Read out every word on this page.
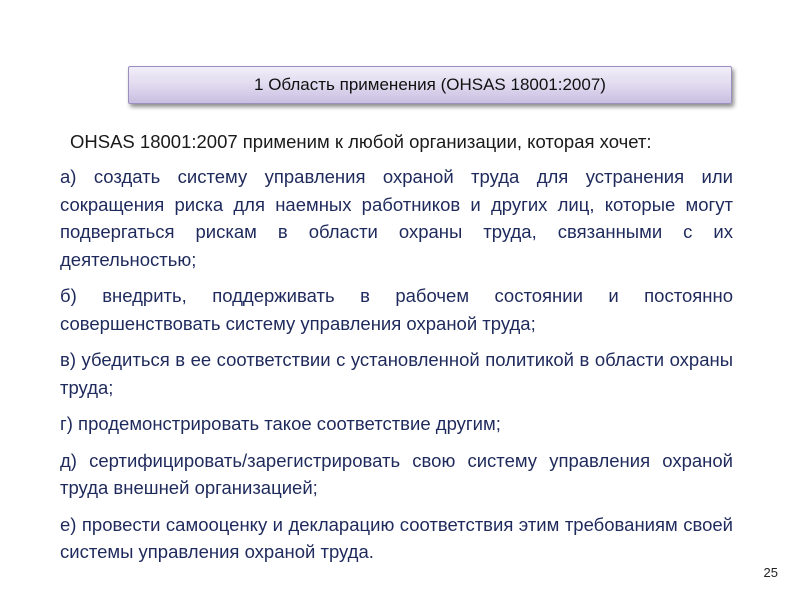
1 Область применения (OHSAS 18001:2007)
OHSAS 18001:2007 применим к любой организации, которая хочет:

а) создать систему управления охраной труда для устранения или сокращения риска для наемных работников и других лиц, которые могут подвергаться рискам в области охраны труда, связанными с их деятельностью;

б) внедрить, поддерживать в рабочем состоянии и постоянно совершенствовать систему управления охраной труда;

в) убедиться в ее соответствии с установленной политикой в области охраны труда;

г) продемонстрировать такое соответствие другим;

д) сертифицировать/зарегистрировать свою систему управления охраной труда внешней организацией;

е) провести самооценку и декларацию соответствия этим требованиям своей системы управления охраной труда.

25
